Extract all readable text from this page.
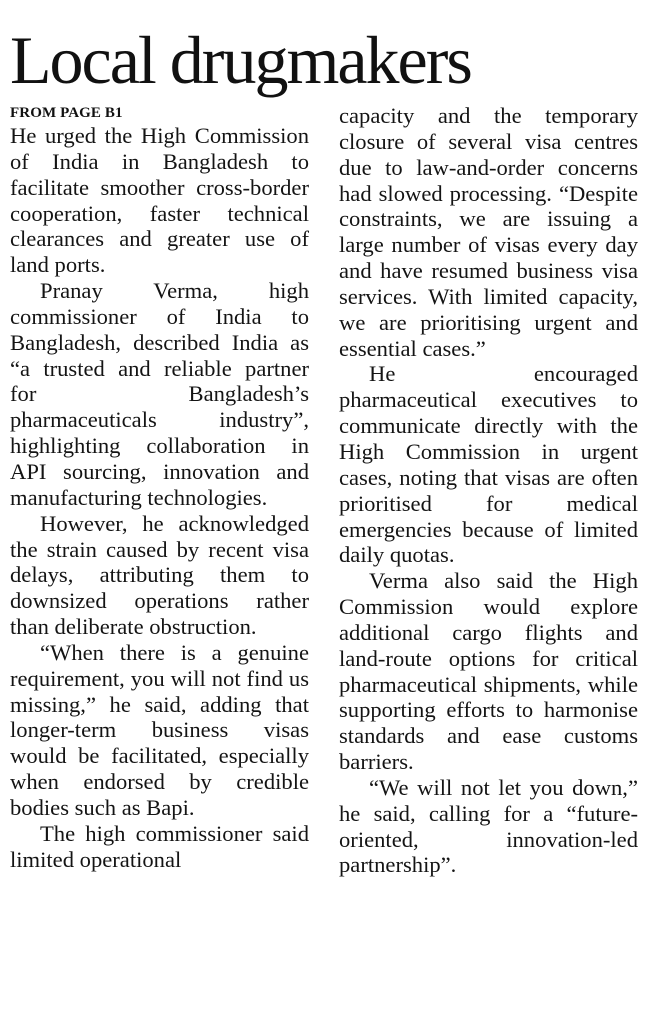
Local drugmakers
FROM PAGE B1

He urged the High Commission of India in Bangladesh to facilitate smoother cross-border cooperation, faster technical clearances and greater use of land ports.

Pranay Verma, high commissioner of India to Bangladesh, described India as “a trusted and reliable partner for Bangladesh’s pharmaceuticals industry”, highlighting collaboration in API sourcing, innovation and manufacturing technologies.

However, he acknowledged the strain caused by recent visa delays, attributing them to downsized operations rather than deliberate obstruction.

“When there is a genuine requirement, you will not find us missing,” he said, adding that longer-term business visas would be facilitated, especially when endorsed by credible bodies such as Bapi.

The high commissioner said limited operational

capacity and the temporary closure of several visa centres due to law-and-order concerns had slowed processing. “Despite constraints, we are issuing a large number of visas every day and have resumed business visa services. With limited capacity, we are prioritising urgent and essential cases.”

He encouraged pharmaceutical executives to communicate directly with the High Commission in urgent cases, noting that visas are often prioritised for medical emergencies because of limited daily quotas.

Verma also said the High Commission would explore additional cargo flights and land-route options for critical pharmaceutical shipments, while supporting efforts to harmonise standards and ease customs barriers.

“We will not let you down,” he said, calling for a “future-oriented, innovation-led partnership”.
